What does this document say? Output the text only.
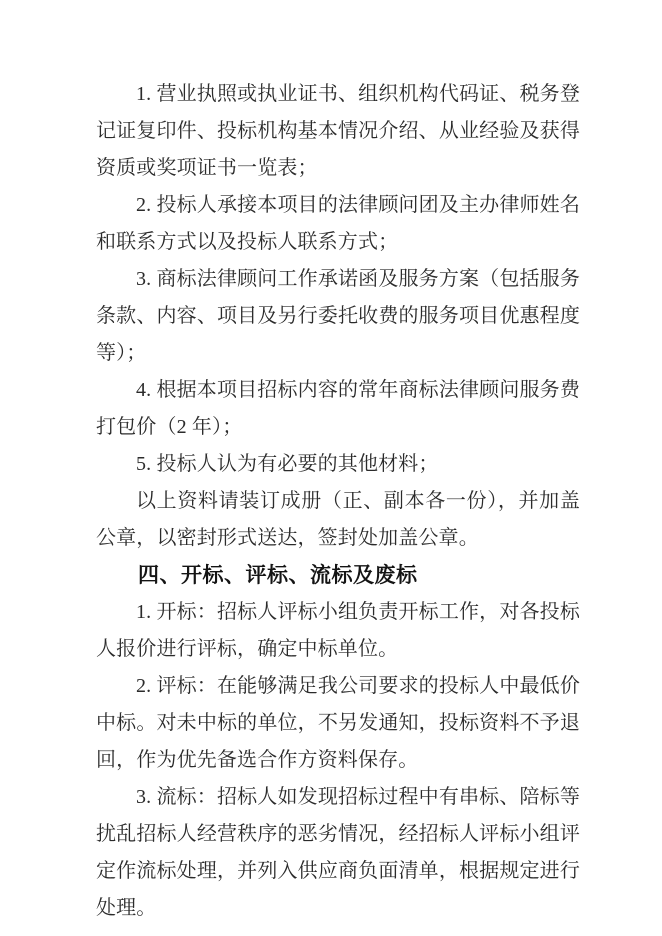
1. 营业执照或执业证书、组织机构代码证、税务登记证复印件、投标机构基本情况介绍、从业经验及获得资质或奖项证书一览表；

2. 投标人承接本项目的法律顾问团及主办律师姓名和联系方式以及投标人联系方式；

3. 商标法律顾问工作承诺函及服务方案（包括服务条款、内容、项目及另行委托收费的服务项目优惠程度等）；

4. 根据本项目招标内容的常年商标法律顾问服务费打包价（2 年）；

5. 投标人认为有必要的其他材料；

以上资料请装订成册（正、副本各一份），并加盖公章，以密封形式送达，签封处加盖公章。

四、开标、评标、流标及废标

1. 开标：招标人评标小组负责开标工作，对各投标人报价进行评标，确定中标单位。

2. 评标：在能够满足我公司要求的投标人中最低价中标。对未中标的单位，不另发通知，投标资料不予退回，作为优先备选合作方资料保存。

3. 流标：招标人如发现招标过程中有串标、陪标等扰乱招标人经营秩序的恶劣情况，经招标人评标小组评定作流标处理，并列入供应商负面清单，根据规定进行处理。
